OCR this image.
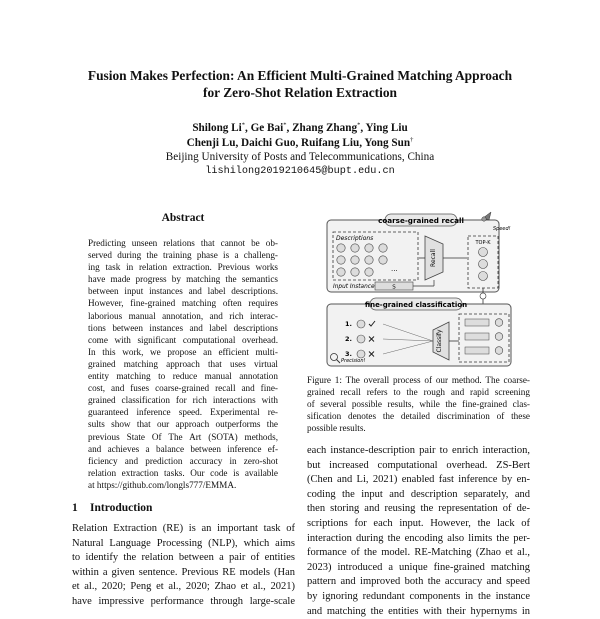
Fusion Makes Perfection: An Efficient Multi-Grained Matching Approach
for Zero-Shot Relation Extraction
Shilong Li*, Ge Bai*, Zhang Zhang*, Ying Liu
Chenji Lu, Daichi Guo, Ruifang Liu, Yong Sun†
Beijing University of Posts and Telecommunications, China
lishilong2019210645@bupt.edu.cn
Abstract
Predicting unseen relations that cannot be ob-
served during the training phase is a challeng-
ing task in relation extraction. Previous works
have made progress by matching the semantics
between input instances and label descriptions.
However, fine-grained matching often requires
laborious manual annotation, and rich interac-
tions between instances and label descriptions
come with significant computational overhead.
In this work, we propose an efficient multi-
grained matching approach that uses virtual
entity matching to reduce manual annotation
cost, and fuses coarse-grained recall and fine-
grained classification for rich interactions with
guaranteed inference speed. Experimental re-
sults show that our approach outperforms the
previous State Of The Art (SOTA) methods,
and achieves a balance between inference ef-
ficiency and prediction accuracy in zero-shot
relation extraction tasks. Our code is available
at https://github.com/longls777/EMMA.
coarse-grained recall
Descriptions
...
Recall
Input Instance	S
TOP-K
Speed!
fine-grained classification
1.
2.
3.
Classify
Precision!
Figure 1: The overall process of our method. The coarse-
grained recall refers to the rough and rapid screening
of several possible results, while the fine-grained clas-
sification denotes the detailed discrimination of these
possible results.
each instance-description pair to enrich interaction,
but increased computational overhead. ZS-Bert
(Chen and Li, 2021) enabled fast inference by en-
coding the input and description separately, and
then storing and reusing the representation of de-
scriptions for each input. However, the lack of
interaction during the encoding also limits the per-
formance of the model. RE-Matching (Zhao et al.,
2023) introduced a unique fine-grained matching
pattern and improved both the accuracy and speed
by ignoring redundant components in the instance
and matching the entities with their hypernyms in
1 Introduction
Relation Extraction (RE) is an important task of
Natural Language Processing (NLP), which aims
to identify the relation between a pair of entities
within a given sentence. Previous RE models (Han
et al., 2020; Peng et al., 2020; Zhao et al., 2021)
have impressive performance through large-scale
